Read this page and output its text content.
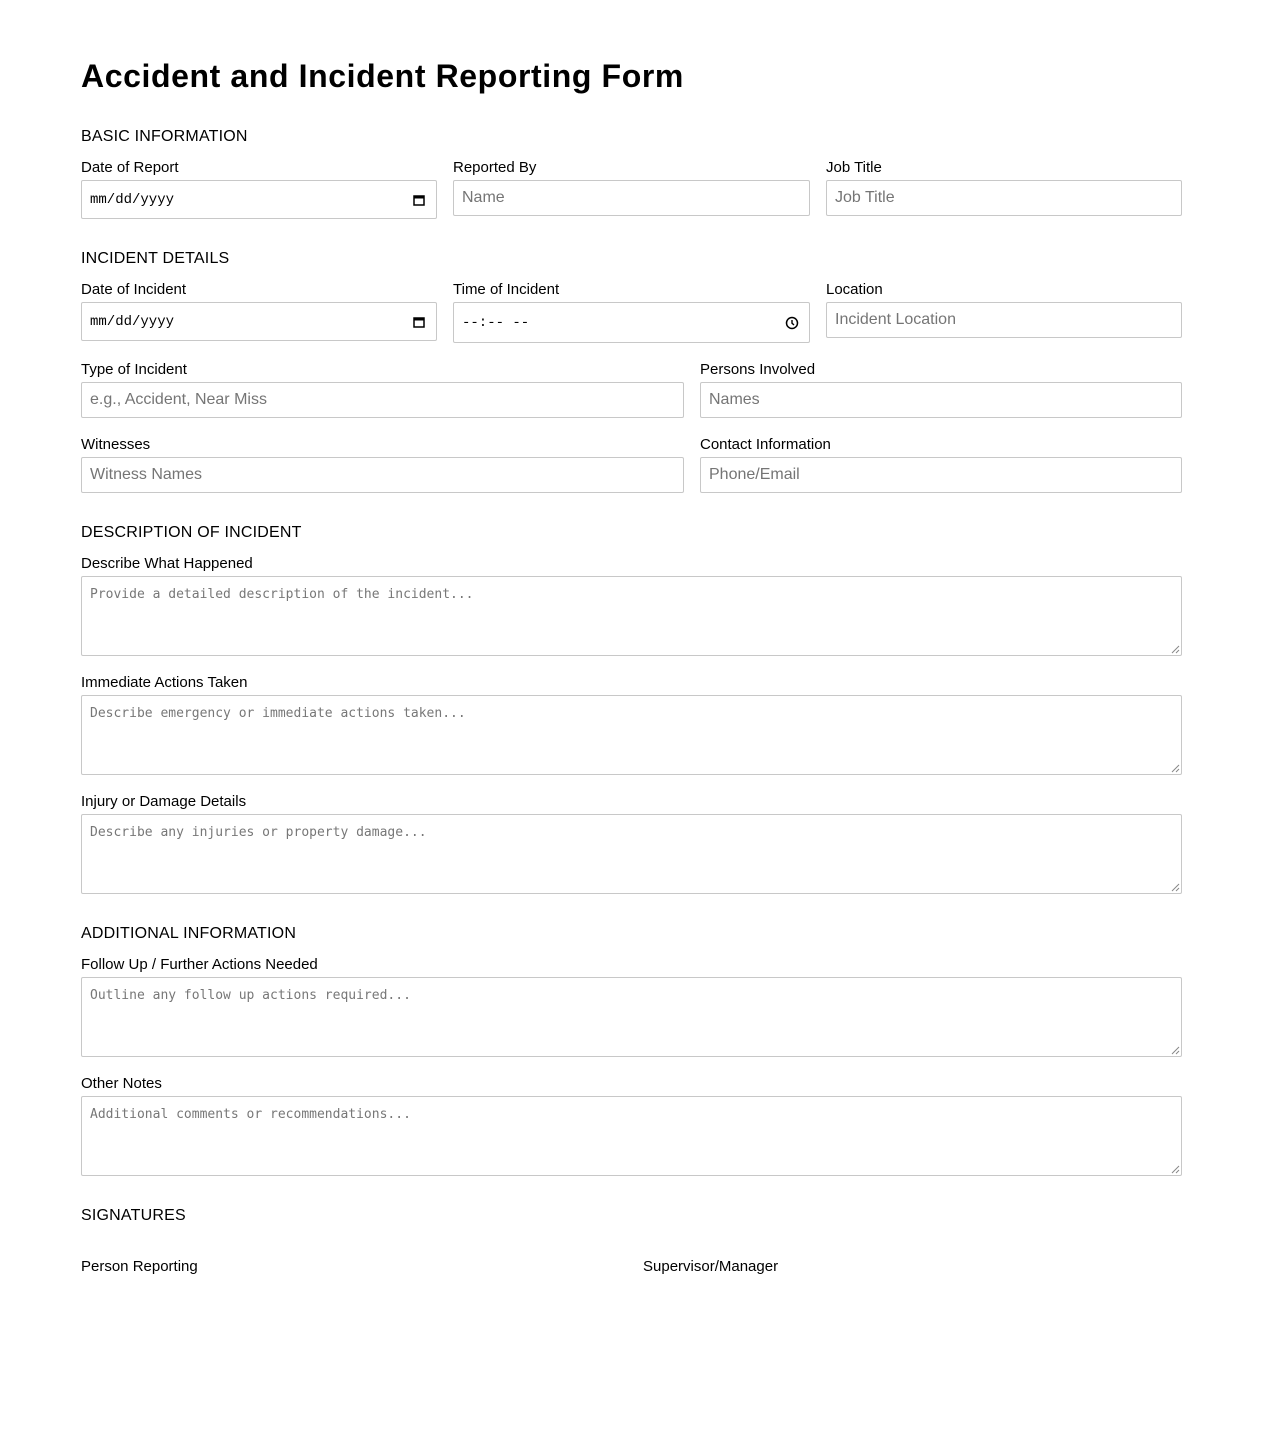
Accident and Incident Reporting Form
BASIC INFORMATION
Date of Report
mm/dd/yyyy
Reported By
Name
Job Title
Job Title
INCIDENT DETAILS
Date of Incident
mm/dd/yyyy
Time of Incident
--:-- --
Location
Incident Location
Type of Incident
e.g., Accident, Near Miss
Persons Involved
Names
Witnesses
Witness Names
Contact Information
Phone/Email
DESCRIPTION OF INCIDENT
Describe What Happened
Provide a detailed description of the incident...
Immediate Actions Taken
Describe emergency or immediate actions taken...
Injury or Damage Details
Describe any injuries or property damage...
ADDITIONAL INFORMATION
Follow Up / Further Actions Needed
Outline any follow up actions required...
Other Notes
Additional comments or recommendations...
SIGNATURES
Person Reporting	Supervisor/Manager
